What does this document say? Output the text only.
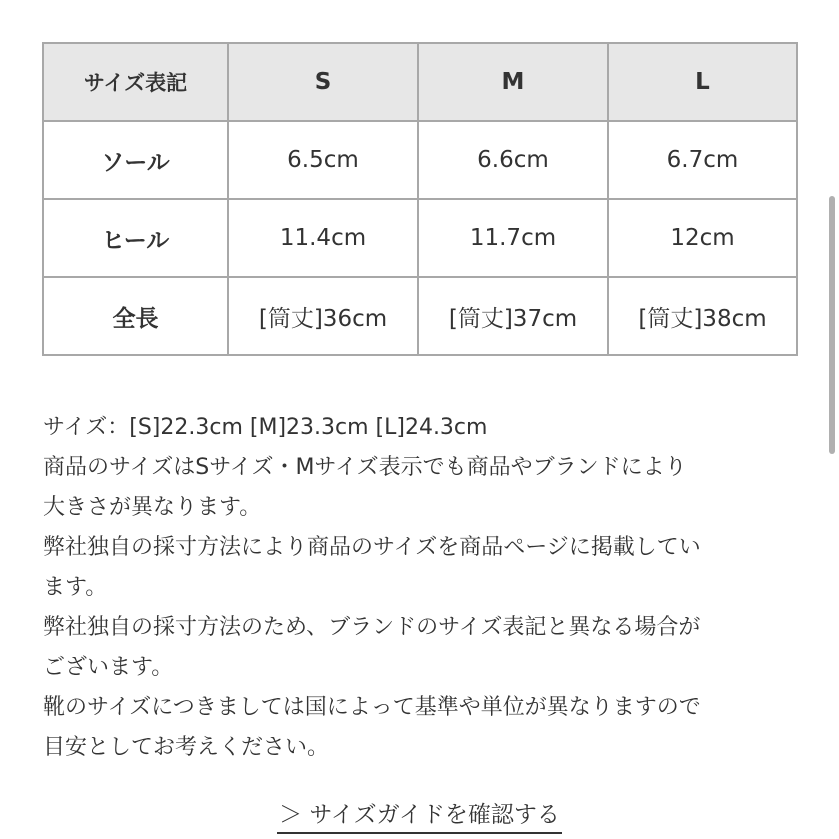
サイズ表記	S	M	L
ソール	6.5cm	6.6cm	6.7cm
ヒール	11.4cm	11.7cm	12cm
全長	[筒丈]36cm	[筒丈]37cm	[筒丈]38cm

サイズ：[S]22.3cm [M]23.3cm [L]24.3cm

商品のサイズはSサイズ・Mサイズ表示でも商品やブランドにより

大きさが異なります。

弊社独自の採寸方法により商品のサイズを商品ページに掲載してい

ます。

弊社独自の採寸方法のため、ブランドのサイズ表記と異なる場合が

ございます。

靴のサイズにつきましては国によって基準や単位が異なりますので

目安としてお考えください。

＞ サイズガイドを確認する
